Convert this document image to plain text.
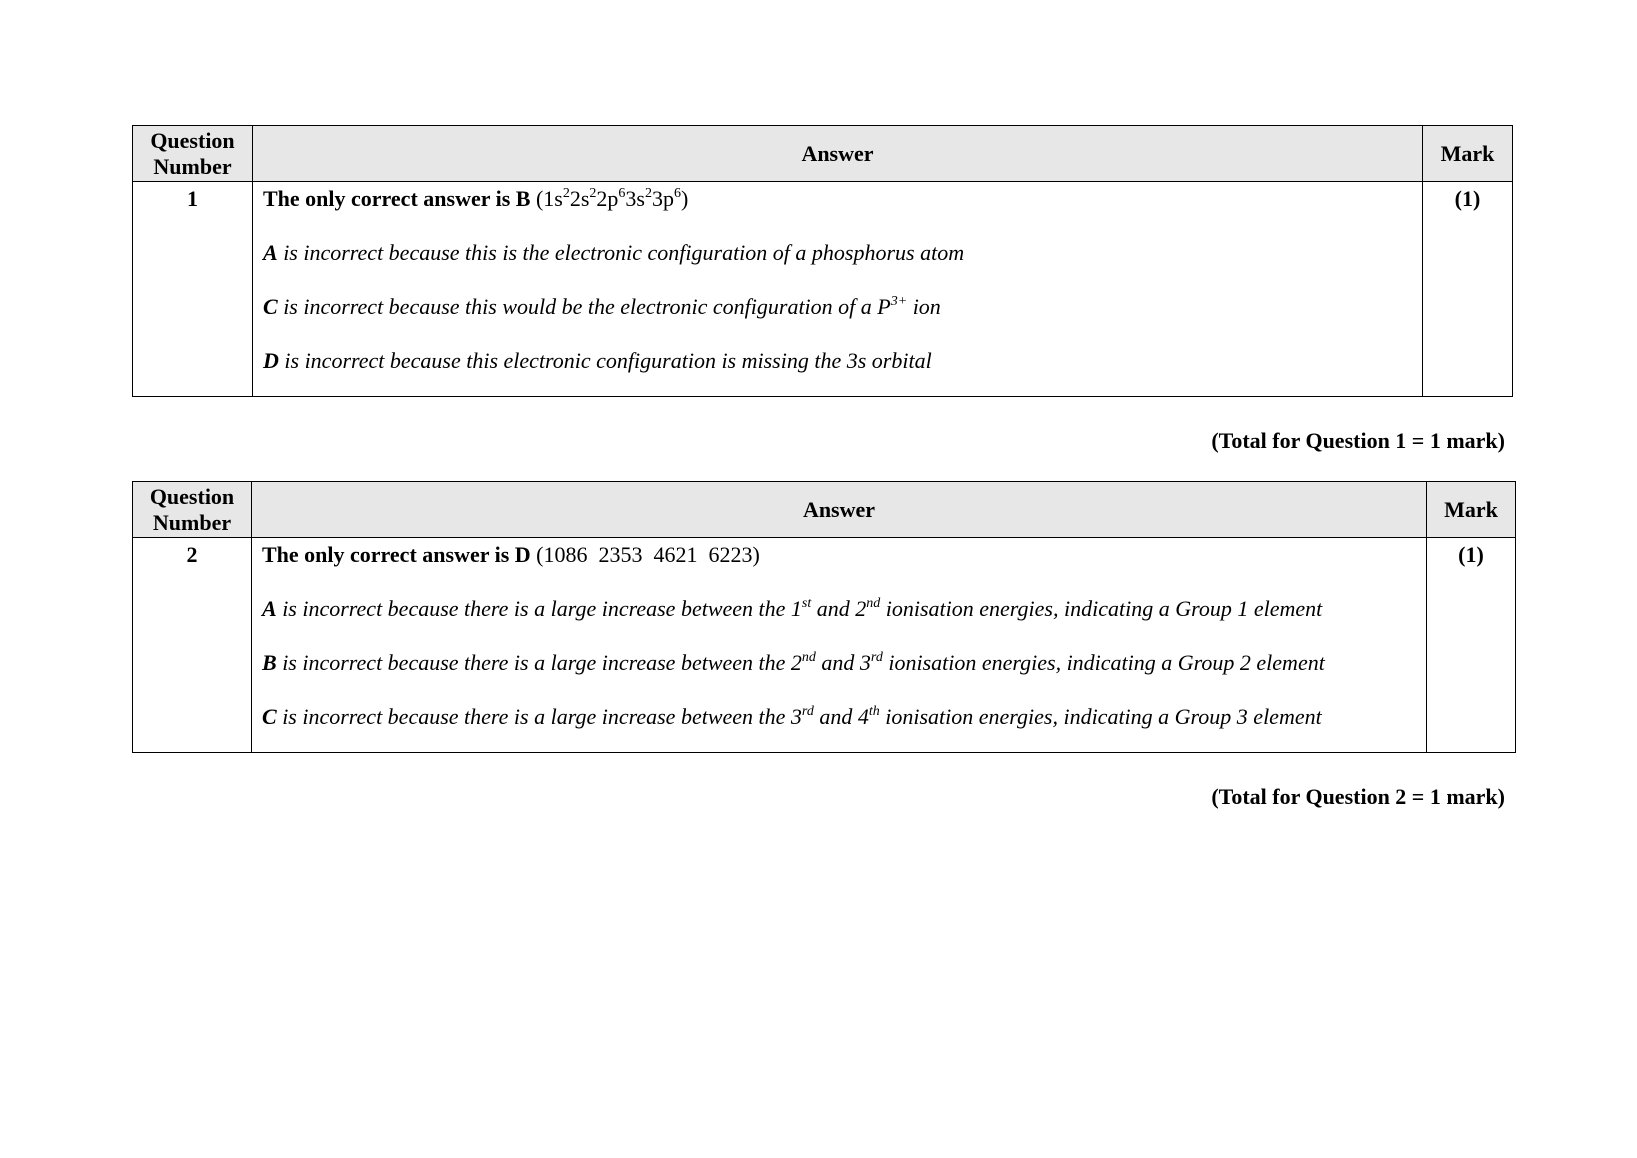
Question
Number	Answer	Mark
1	The only correct answer is B $(1s^22s^22p^63s^23p^6)$
A is incorrect because this is the electronic configuration of a phosphorus atom
C is incorrect because this would be the electronic configuration of a $P^{3+}$ ion
D is incorrect because this electronic configuration is missing the 3s orbital	(1)
(Total for Question 1 = 1 mark)
Question
Number	Answer	Mark
2	The only correct answer is D (1086  2353  4621  6223)
A is incorrect because there is a large increase between the 1st and 2nd ionisation energies, indicating a Group 1 element
B is incorrect because there is a large increase between the 2nd and 3rd ionisation energies, indicating a Group 2 element
C is incorrect because there is a large increase between the 3rd and 4th ionisation energies, indicating a Group 3 element	(1)
(Total for Question 2 = 1 mark)
